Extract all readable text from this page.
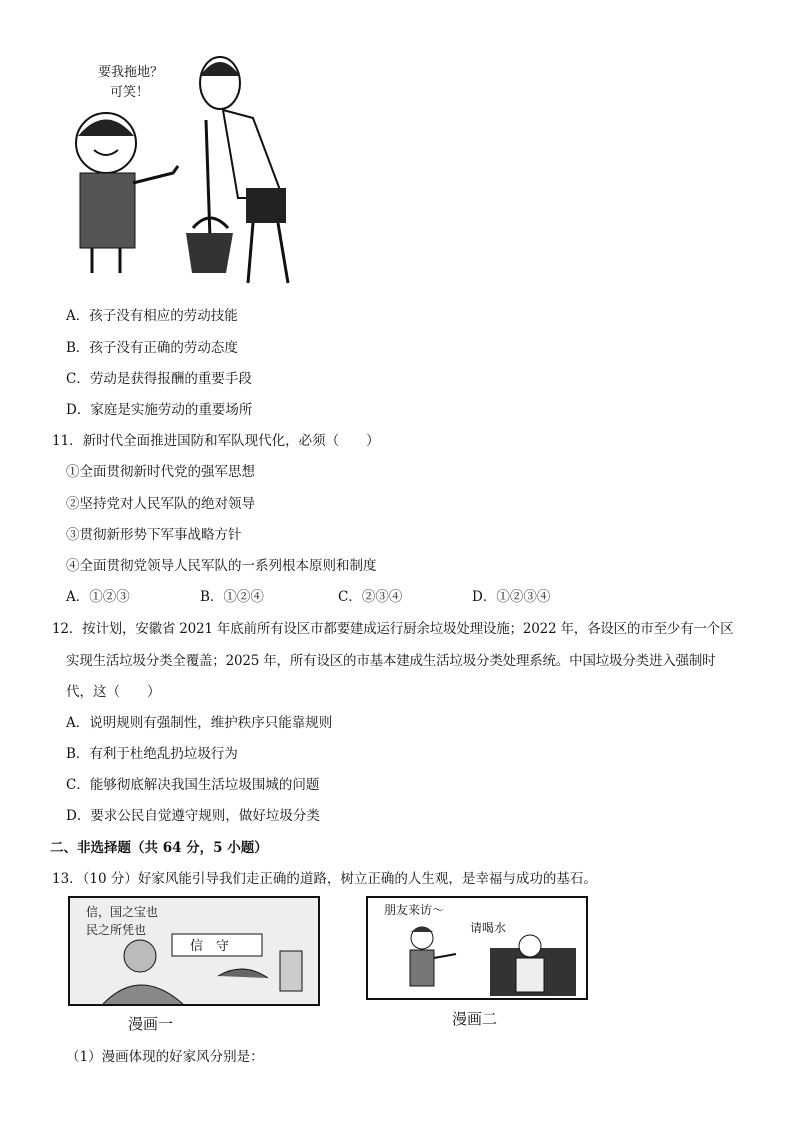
要我拖地？
可笑！
A．孩子没有相应的劳动技能
B．孩子没有正确的劳动态度
C．劳动是获得报酬的重要手段
D．家庭是实施劳动的重要场所
11．新时代全面推进国防和军队现代化，必须（　　）
①全面贯彻新时代党的强军思想
②坚持党对人民军队的绝对领导
③贯彻新形势下军事战略方针
④全面贯彻党领导人民军队的一系列根本原则和制度
A．①②③	B．①②④	C．②③④	D．①②③④
12．按计划，安徽省 2021 年底前所有设区市都要建成运行厨余垃圾处理设施；2022 年，各设区的市至少有一个区
实现生活垃圾分类全覆盖；2025 年，所有设区的市基本建成生活垃圾分类处理系统。中国垃圾分类进入强制时
代，这（　　）
A．说明规则有强制性，维护秩序只能靠规则
B．有利于杜绝乱扔垃圾行为
C．能够彻底解决我国生活垃圾围城的问题
D．要求公民自觉遵守规则，做好垃圾分类
二、非选择题（共 64 分，5 小题）
13．（10 分）好家风能引导我们走正确的道路，树立正确的人生观，是幸福与成功的基石。
信，国之宝也
民之所凭也
信　守
漫画一
朋友来访～
请喝水
漫画二
（1）漫画体现的好家风分别是：
